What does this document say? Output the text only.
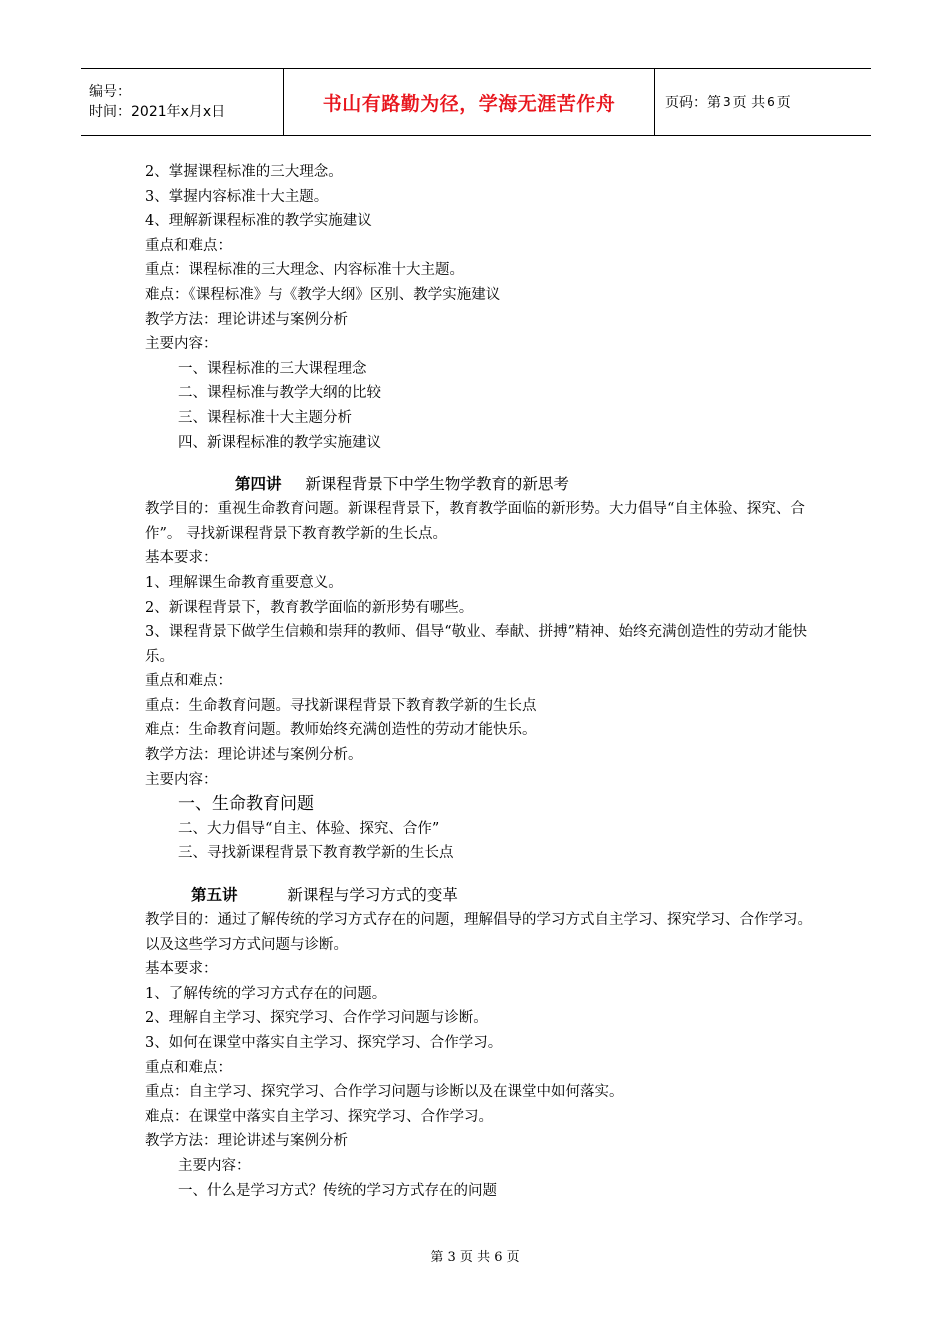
编号：
时间：2021年x月x日	书山有路勤为径，学海无涯苦作舟	页码：第 3 页 共 6 页
2、掌握课程标准的三大理念。
3、掌握内容标准十大主题。
4、理解新课程标准的教学实施建议
重点和难点：
重点：课程标准的三大理念、内容标准十大主题。
难点：《课程标准》与《教学大纲》区别、教学实施建议
教学方法：理论讲述与案例分析
主要内容：
一、课程标准的三大课程理念
二、课程标准与教学大纲的比较
三、课程标准十大主题分析
四、新课程标准的教学实施建议
第四讲 新课程背景下中学生物学教育的新思考
教学目的：重视生命教育问题。新课程背景下，教育教学面临的新形势。大力倡导“自主体验、探究、合作”。 寻找新课程背景下教育教学新的生长点。
基本要求：
1、理解课生命教育重要意义。
2、新课程背景下，教育教学面临的新形势有哪些。
3、课程背景下做学生信赖和崇拜的教师、倡导“敬业、奉献、拼搏”精神、始终充满创造性的劳动才能快乐。
重点和难点：
重点：生命教育问题。寻找新课程背景下教育教学新的生长点
难点：生命教育问题。教师始终充满创造性的劳动才能快乐。
教学方法：理论讲述与案例分析。
主要内容：
一、生命教育问题
二、大力倡导“自主、体验、探究、合作”
三、寻找新课程背景下教育教学新的生长点
第五讲	新课程与学习方式的变革
教学目的：通过了解传统的学习方式存在的问题，理解倡导的学习方式自主学习、探究学习、合作学习。以及这些学习方式问题与诊断。
基本要求：
1、了解传统的学习方式存在的问题。
2、理解自主学习、探究学习、合作学习问题与诊断。
3、如何在课堂中落实自主学习、探究学习、合作学习。
重点和难点：
重点：自主学习、探究学习、合作学习问题与诊断以及在课堂中如何落实。
难点：在课堂中落实自主学习、探究学习、合作学习。
教学方法：理论讲述与案例分析
主要内容：
一、什么是学习方式？传统的学习方式存在的问题
第 3 页 共 6 页
